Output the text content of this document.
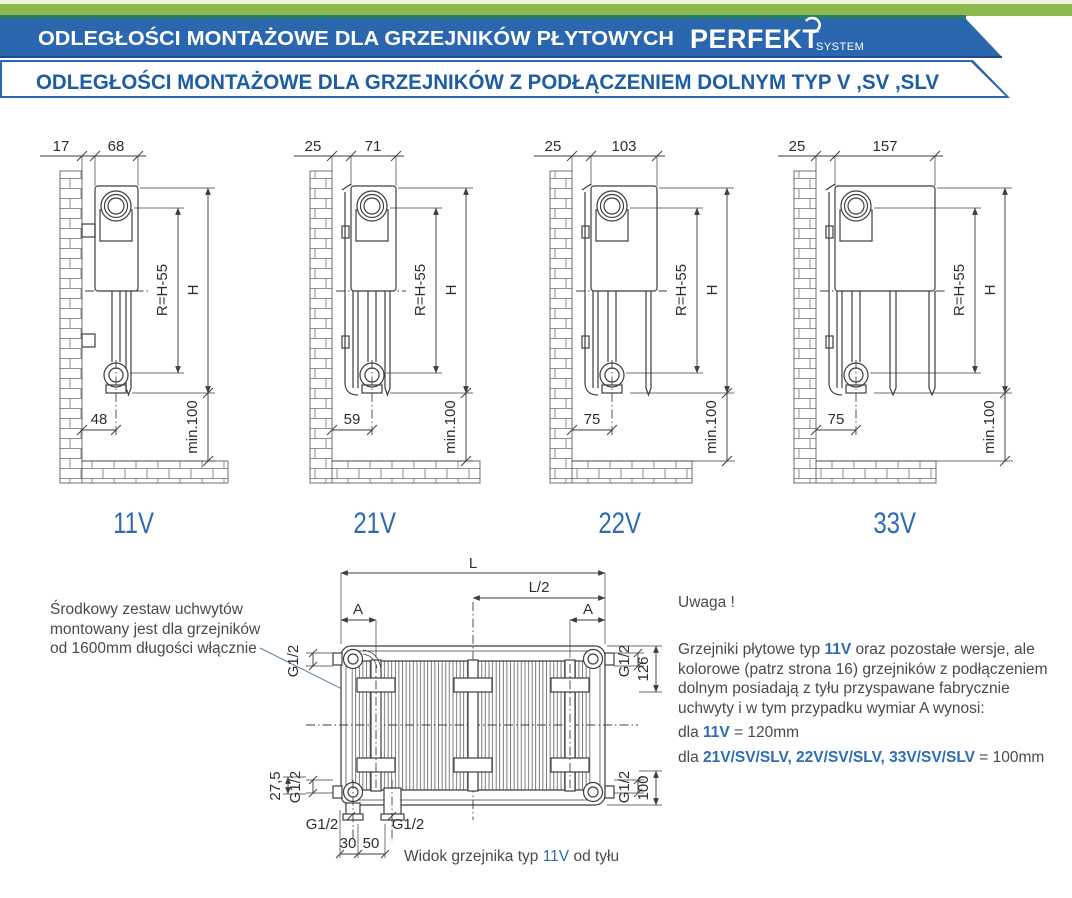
ODLEGŁOŚCI MONTAŻOWE DLA GRZEJNIKÓW PŁYTOWYCH	PERFEKT
SYSTEM
ODLEGŁOŚCI MONTAŻOWE DLA GRZEJNIKÓW Z PODŁĄCZENIEM DOLNYM TYP V ,SV ,SLV
17	68
H
R=H-55
min.100
48
11V
25	71
H
R=H-55
min.100
59
21V
25	103
H
R=H-55
min.100
75
22V
25	157
H
R=H-55
min.100
75
33V
L
L/2
A	A
G1/2	G1/2 126
G1/2 100
G1/2
27,5
G1/2	G1/2
30 50
Widok grzejnika typ 11V od tyłu
Środkowy zestaw uchwytów
montowany jest dla grzejników
od 1600mm długości włącznie
Uwaga !
Grzejniki płytowe typ 11V oraz pozostałe wersje, ale
kolorowe (patrz strona 16) grzejników z podłączeniem
dolnym posiadają z tyłu przyspawane fabrycznie
uchwyty i w tym przypadku wymiar A wynosi:
dla 11V = 120mm
dla 21V/SV/SLV, 22V/SV/SLV, 33V/SV/SLV = 100mm
